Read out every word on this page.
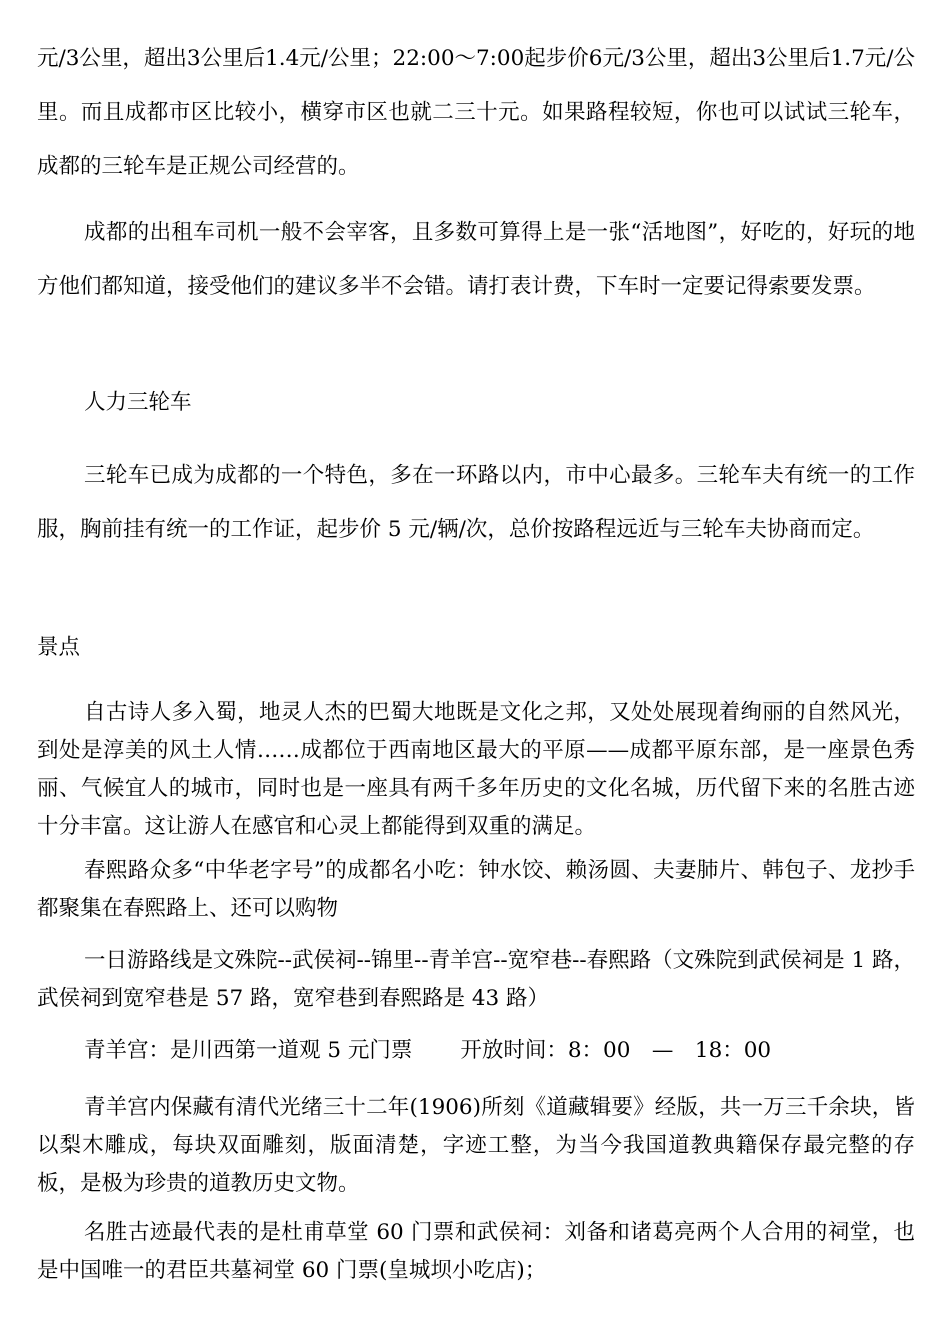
元/3公里，超出3公里后1.4元/公里；22:00～7:00起步价6元/3公里，超出3公里后1.7元/公里。而且成都市区比较小，横穿市区也就二三十元。如果路程较短，你也可以试试三轮车，成都的三轮车是正规公司经营的。

成都的出租车司机一般不会宰客，且多数可算得上是一张“活地图”，好吃的，好玩的地方他们都知道，接受他们的建议多半不会错。请打表计费，下车时一定要记得索要发票。

人力三轮车

三轮车已成为成都的一个特色，多在一环路以内，市中心最多。三轮车夫有统一的工作服，胸前挂有统一的工作证，起步价 5 元/辆/次，总价按路程远近与三轮车夫协商而定。

景点

自古诗人多入蜀，地灵人杰的巴蜀大地既是文化之邦，又处处展现着绚丽的自然风光，到处是淳美的风土人情……成都位于西南地区最大的平原——成都平原东部，是一座景色秀丽、气候宜人的城市，同时也是一座具有两千多年历史的文化名城，历代留下来的名胜古迹十分丰富。这让游人在感官和心灵上都能得到双重的满足。

春熙路众多“中华老字号”的成都名小吃：钟水饺、赖汤圆、夫妻肺片、韩包子、龙抄手都聚集在春熙路上、还可以购物

一日游路线是文殊院--武侯祠--锦里--青羊宫--宽窄巷--春熙路（文殊院到武侯祠是 1 路，武侯祠到宽窄巷是 57 路，宽窄巷到春熙路是 43 路）

青羊宫：是川西第一道观 5 元门票 开放时间：8：00　—　18：00

青羊宫内保藏有清代光绪三十二年(1906)所刻《道藏辑要》经版，共一万三千余块，皆以梨木雕成，每块双面雕刻，版面清楚，字迹工整，为当今我国道教典籍保存最完整的存板，是极为珍贵的道教历史文物。

名胜古迹最代表的是杜甫草堂 60 门票和武侯祠：刘备和诸葛亮两个人合用的祠堂，也是中国唯一的君臣共墓祠堂 60 门票(皇城坝小吃店)；
